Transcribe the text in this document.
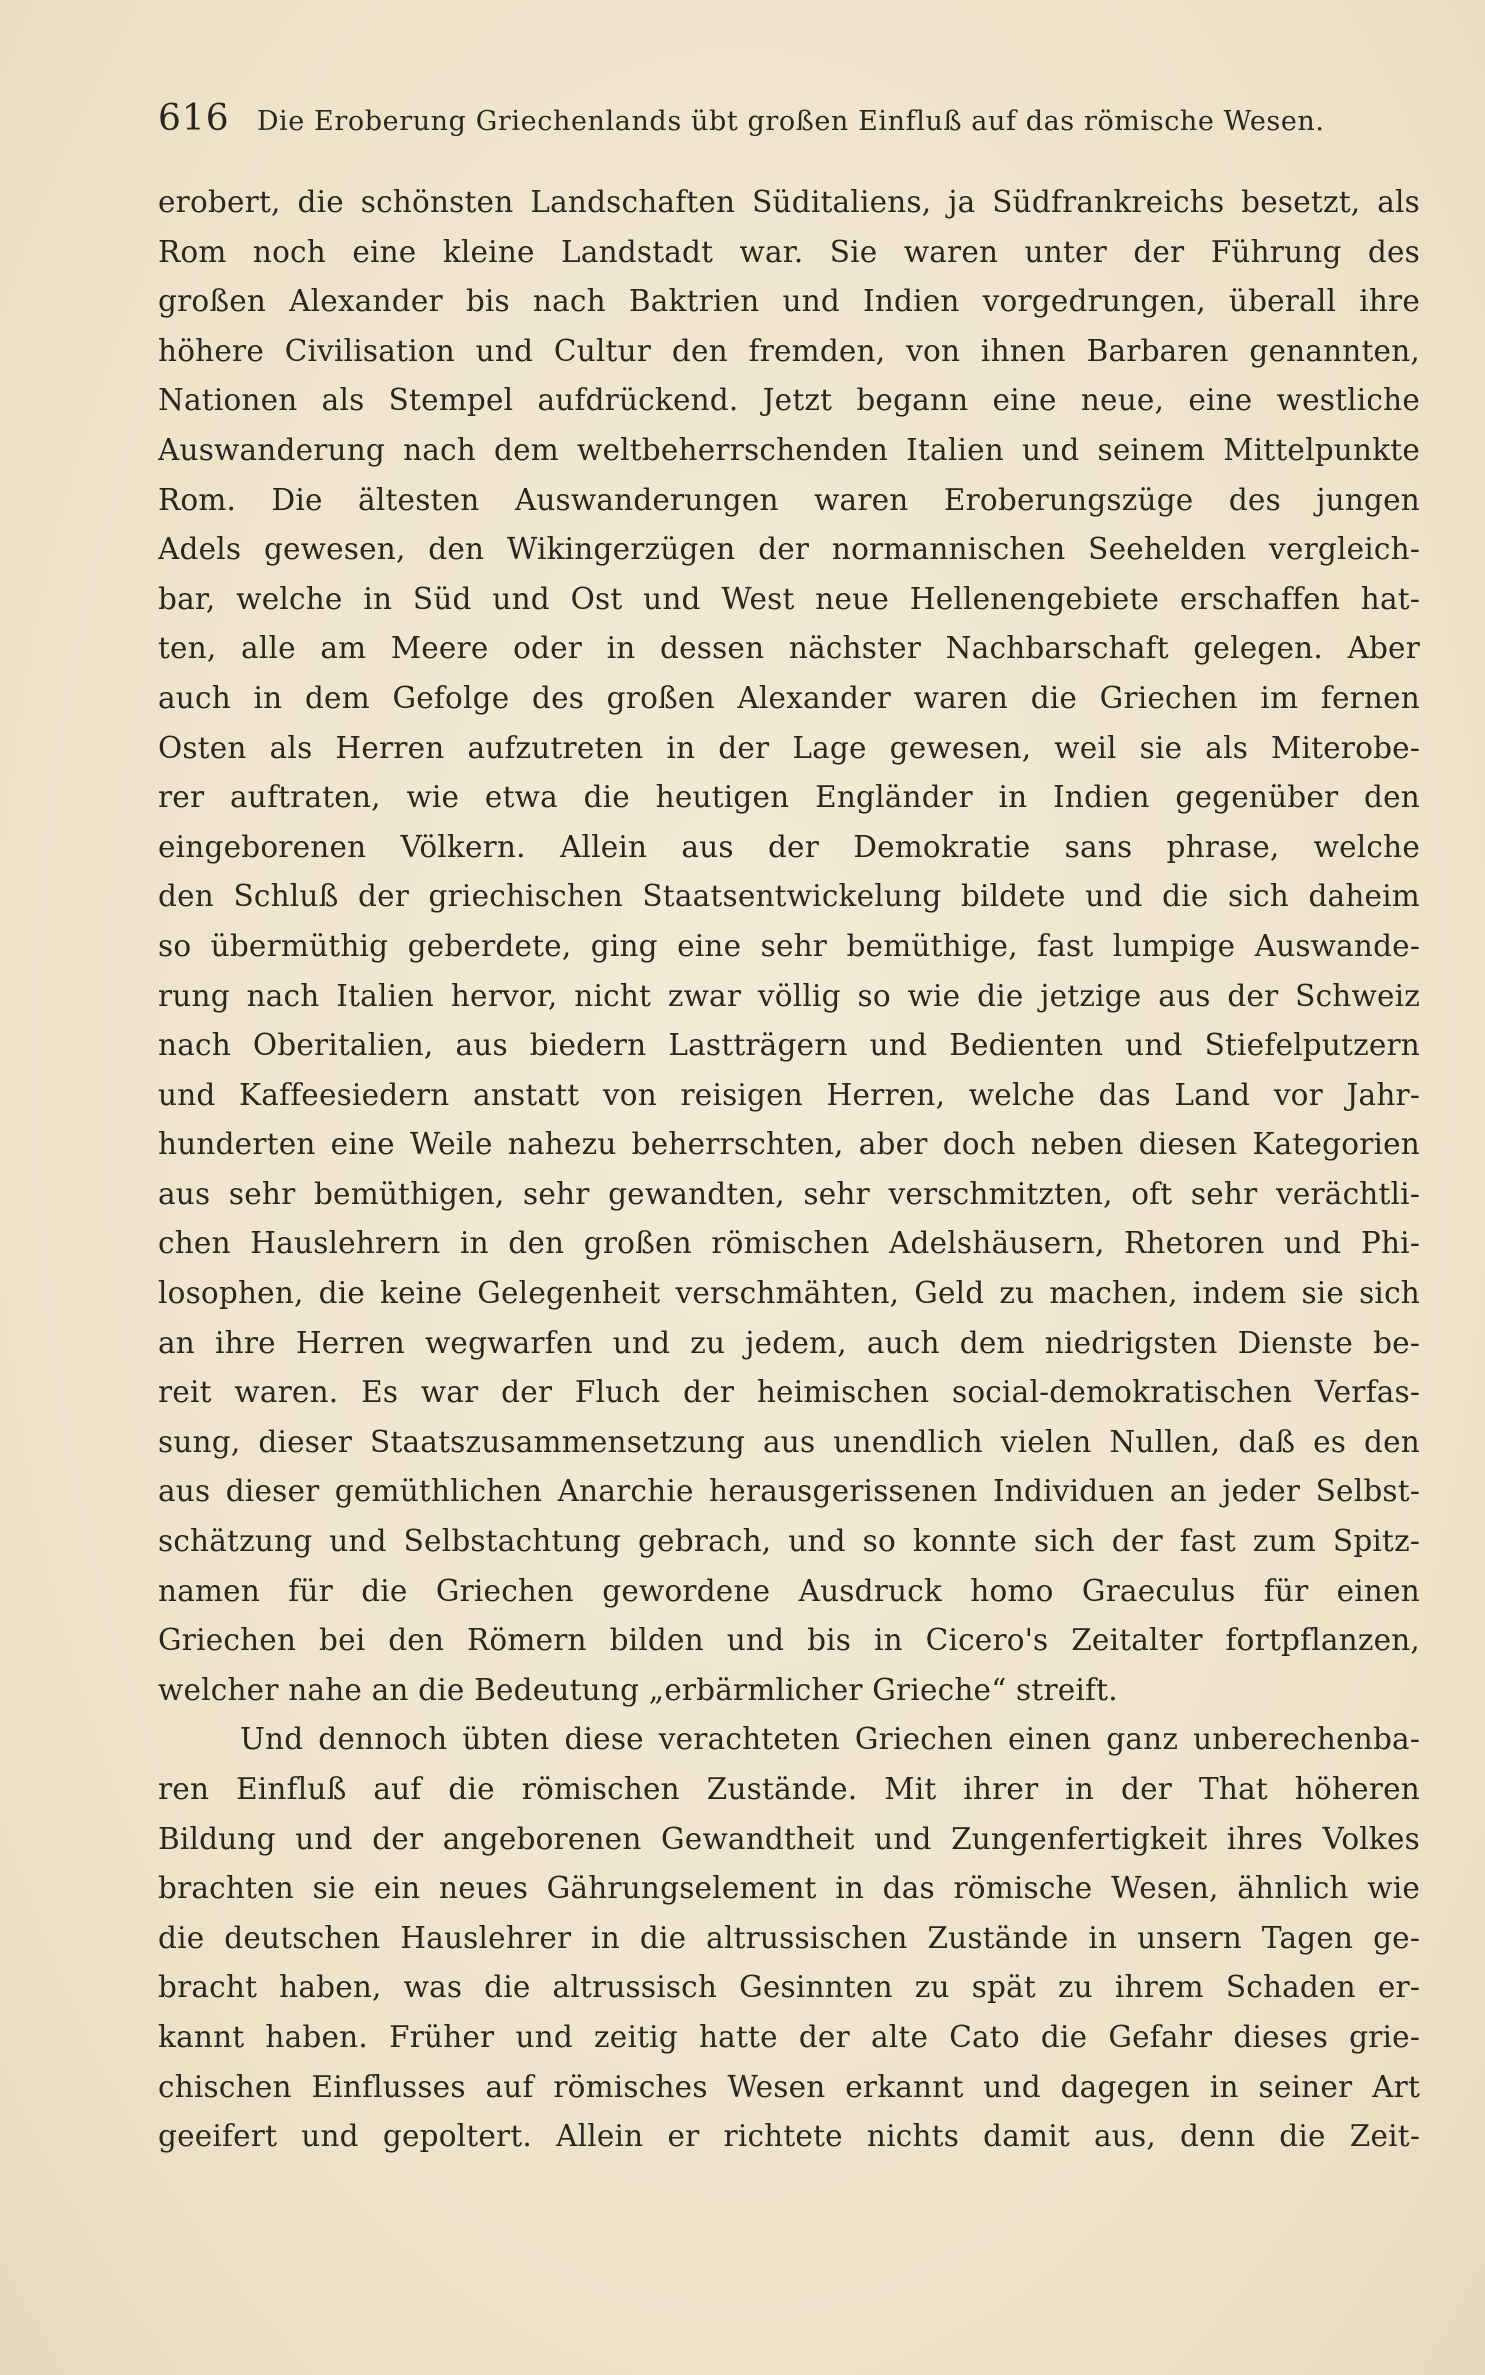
616 Die Eroberung Griechenlands übt großen Einfluß auf das römische Wesen.
erobert, die schönsten Landschaften Süditaliens, ja Südfrankreichs besetzt, als
Rom noch eine kleine Landstadt war. Sie waren unter der Führung des
großen Alexander bis nach Baktrien und Indien vorgedrungen, überall ihre
höhere Civilisation und Cultur den fremden, von ihnen Barbaren genannten,
Nationen als Stempel aufdrückend. Jetzt begann eine neue, eine westliche
Auswanderung nach dem weltbeherrschenden Italien und seinem Mittelpunkte
Rom. Die ältesten Auswanderungen waren Eroberungszüge des jungen
Adels gewesen, den Wikingerzügen der normannischen Seehelden vergleich-
bar, welche in Süd und Ost und West neue Hellenengebiete erschaffen hat-
ten, alle am Meere oder in dessen nächster Nachbarschaft gelegen. Aber
auch in dem Gefolge des großen Alexander waren die Griechen im fernen
Osten als Herren aufzutreten in der Lage gewesen, weil sie als Miterobe-
rer auftraten, wie etwa die heutigen Engländer in Indien gegenüber den
eingeborenen Völkern. Allein aus der Demokratie sans phrase, welche
den Schluß der griechischen Staatsentwickelung bildete und die sich daheim
so übermüthig geberdete, ging eine sehr bemüthige, fast lumpige Auswande-
rung nach Italien hervor, nicht zwar völlig so wie die jetzige aus der Schweiz
nach Oberitalien, aus biedern Lastträgern und Bedienten und Stiefelputzern
und Kaffeesiedern anstatt von reisigen Herren, welche das Land vor Jahr-
hunderten eine Weile nahezu beherrschten, aber doch neben diesen Kategorien
aus sehr bemüthigen, sehr gewandten, sehr verschmitzten, oft sehr verächtli-
chen Hauslehrern in den großen römischen Adelshäusern, Rhetoren und Phi-
losophen, die keine Gelegenheit verschmähten, Geld zu machen, indem sie sich
an ihre Herren wegwarfen und zu jedem, auch dem niedrigsten Dienste be-
reit waren. Es war der Fluch der heimischen social-demokratischen Verfas-
sung, dieser Staatszusammensetzung aus unendlich vielen Nullen, daß es den
aus dieser gemüthlichen Anarchie herausgerissenen Individuen an jeder Selbst-
schätzung und Selbstachtung gebrach, und so konnte sich der fast zum Spitz-
namen für die Griechen gewordene Ausdruck homo Graeculus für einen
Griechen bei den Römern bilden und bis in Cicero's Zeitalter fortpflanzen,
welcher nahe an die Bedeutung „erbärmlicher Grieche“ streift.
Und dennoch übten diese verachteten Griechen einen ganz unberechenba-
ren Einfluß auf die römischen Zustände. Mit ihrer in der That höheren
Bildung und der angeborenen Gewandtheit und Zungenfertigkeit ihres Volkes
brachten sie ein neues Gährungselement in das römische Wesen, ähnlich wie
die deutschen Hauslehrer in die altrussischen Zustände in unsern Tagen ge-
bracht haben, was die altrussisch Gesinnten zu spät zu ihrem Schaden er-
kannt haben. Früher und zeitig hatte der alte Cato die Gefahr dieses grie-
chischen Einflusses auf römisches Wesen erkannt und dagegen in seiner Art
geeifert und gepoltert. Allein er richtete nichts damit aus, denn die Zeit-
